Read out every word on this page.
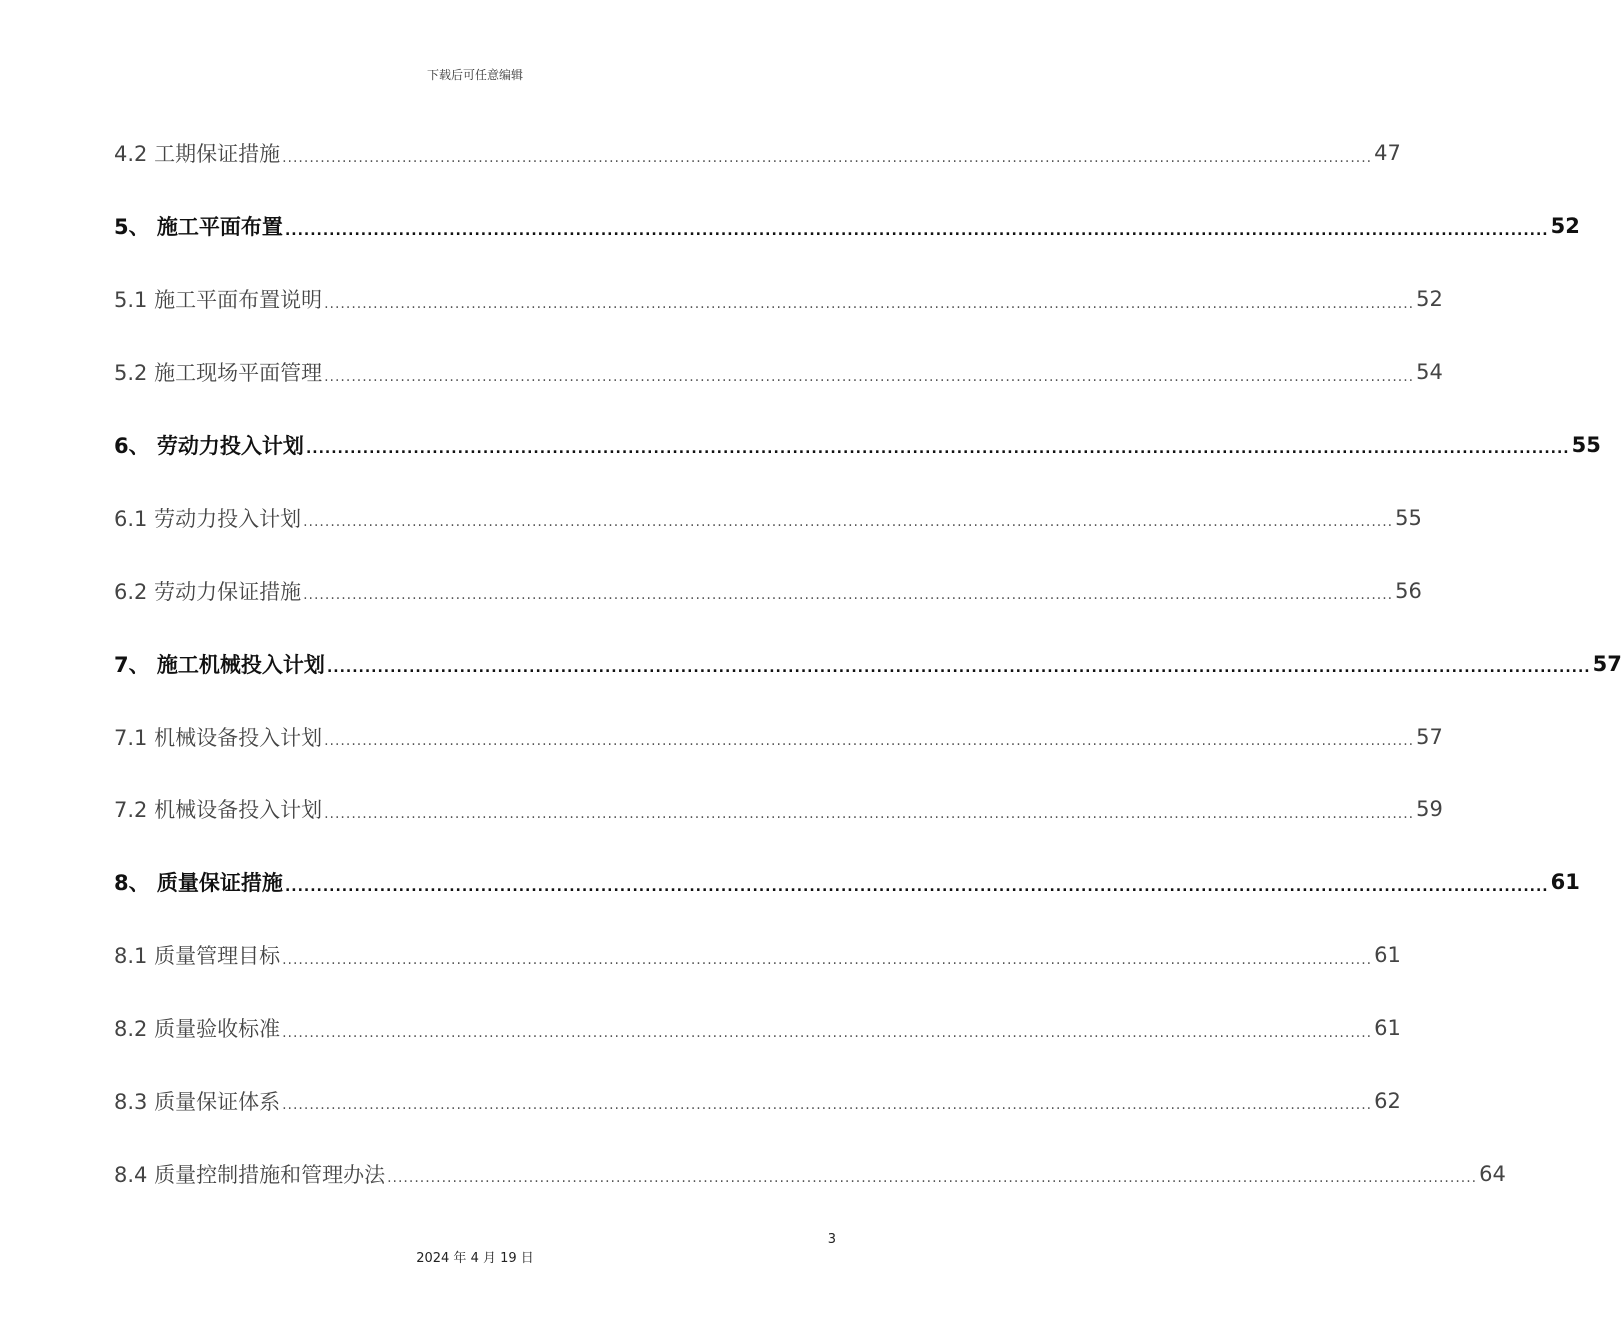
下载后可任意编辑
4.2 工期保证措施 ........................................................................................................................................................................................................ 47
5、 施工平面布置 ........................................................................................................................................................................................................ 52
5.1 施工平面布置说明 ........................................................................................................................................................................................................ 52
5.2 施工现场平面管理 ........................................................................................................................................................................................................ 54
6、 劳动力投入计划 ........................................................................................................................................................................................................ 55
6.1 劳动力投入计划 ........................................................................................................................................................................................................ 55
6.2 劳动力保证措施 ........................................................................................................................................................................................................ 56
7、 施工机械投入计划 ........................................................................................................................................................................................................ 57
7.1 机械设备投入计划 ........................................................................................................................................................................................................ 57
7.2 机械设备投入计划 ........................................................................................................................................................................................................ 59
8、 质量保证措施 ........................................................................................................................................................................................................ 61
8.1 质量管理目标 ........................................................................................................................................................................................................ 61
8.2 质量验收标准 ........................................................................................................................................................................................................ 61
8.3 质量保证体系 ........................................................................................................................................................................................................ 62
8.4 质量控制措施和管理办法 ........................................................................................................................................................................................................ 64
3
2024 年 4 月 19 日
